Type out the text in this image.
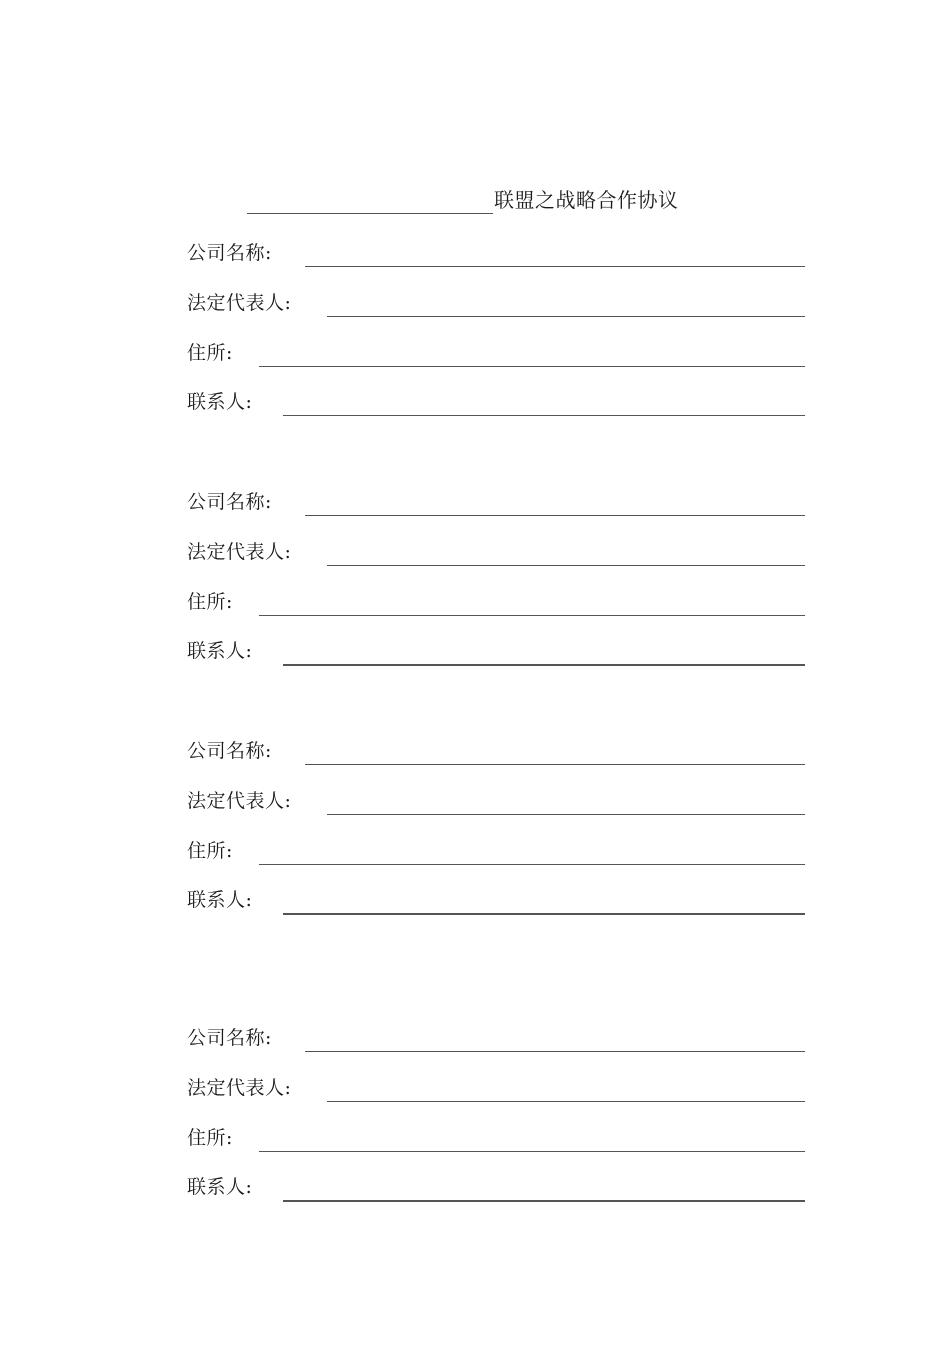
联盟之战略合作协议
公司名称:
法定代表人:
住所:
联系人:
公司名称:
法定代表人:
住所:
联系人:
公司名称:
法定代表人:
住所:
联系人:
公司名称:
法定代表人:
住所:
联系人:
